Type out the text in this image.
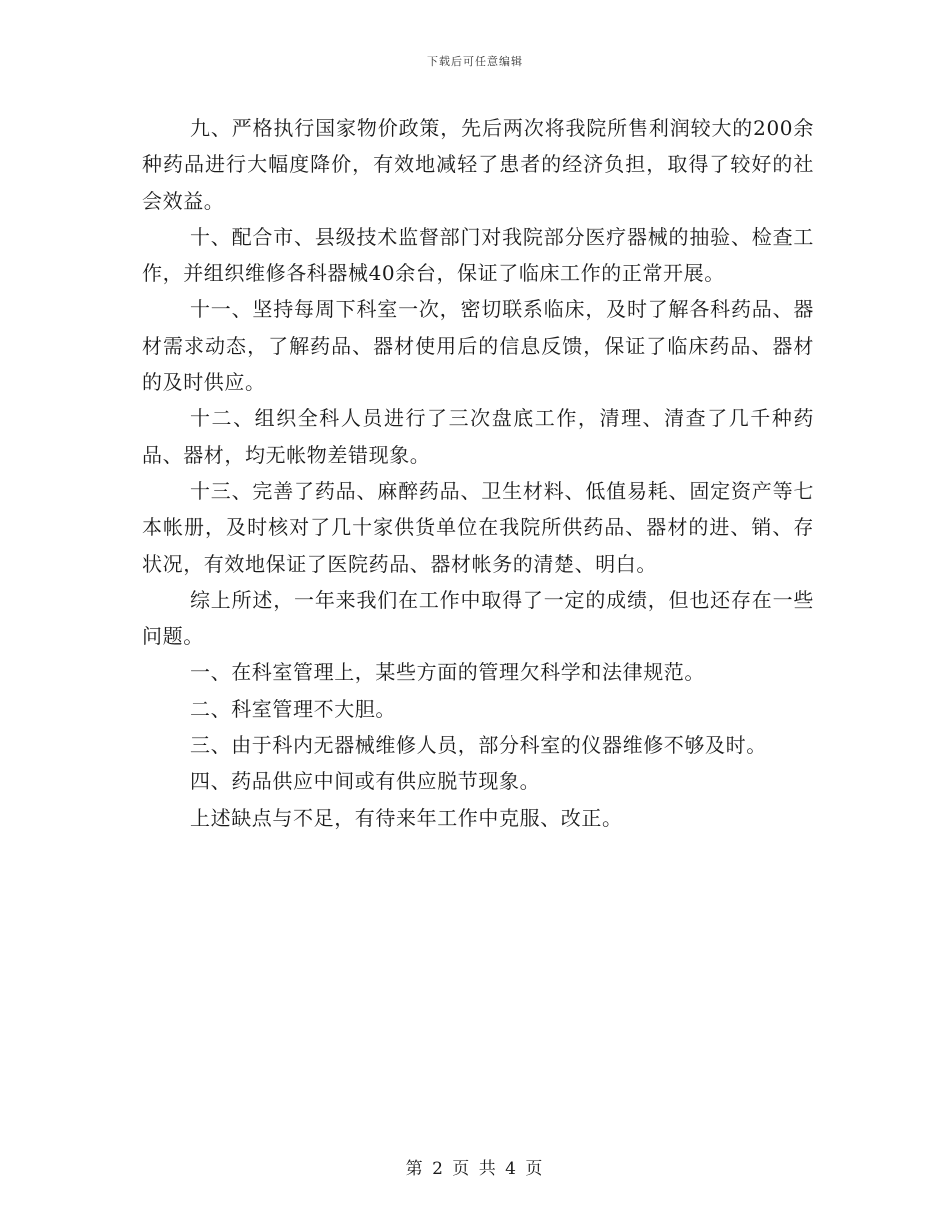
下载后可任意编辑

九、严格执行国家物价政策，先后两次将我院所售利润较大的200余种药品进行大幅度降价，有效地减轻了患者的经济负担，取得了较好的社会效益。

十、配合市、县级技术监督部门对我院部分医疗器械的抽验、检查工作，并组织维修各科器械40余台，保证了临床工作的正常开展。

十一、坚持每周下科室一次，密切联系临床，及时了解各科药品、器材需求动态，了解药品、器材使用后的信息反馈，保证了临床药品、器材的及时供应。

十二、组织全科人员进行了三次盘底工作，清理、清查了几千种药品、器材，均无帐物差错现象。

十三、完善了药品、麻醉药品、卫生材料、低值易耗、固定资产等七本帐册，及时核对了几十家供货单位在我院所供药品、器材的进、销、存状况，有效地保证了医院药品、器材帐务的清楚、明白。

综上所述，一年来我们在工作中取得了一定的成绩，但也还存在一些问题。

一、在科室管理上，某些方面的管理欠科学和法律规范。

二、科室管理不大胆。

三、由于科内无器械维修人员，部分科室的仪器维修不够及时。

四、药品供应中间或有供应脱节现象。

上述缺点与不足，有待来年工作中克服、改正。

第 2 页 共 4 页
